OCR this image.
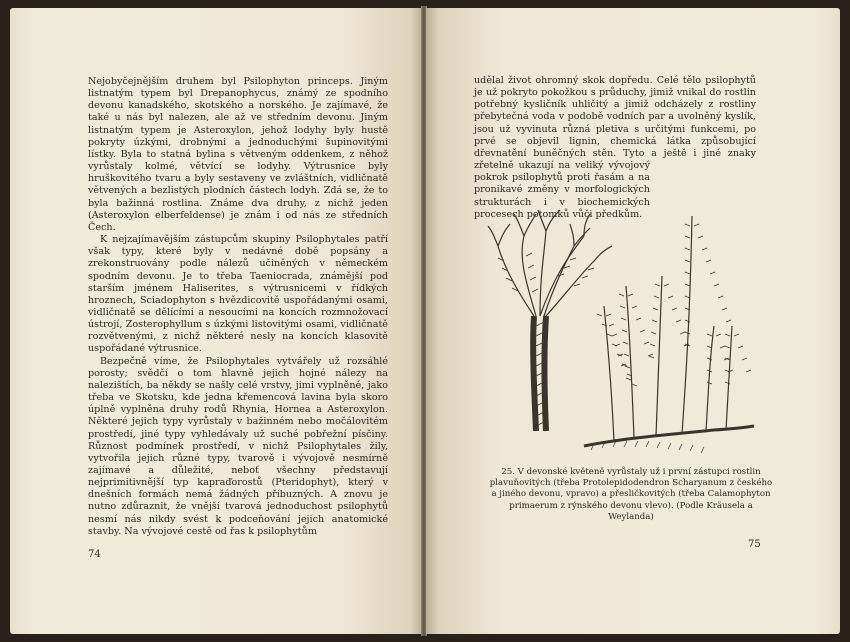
Nejobyčejnějším druhem byl Psilophyton princeps. Jiným listnatým typem byl Drepanophycus, známý ze spodního devonu kanadského, skotského a norského. Je zajímavé, že také u nás byl nalezen, ale až ve středním devonu. Jiným listnatým typem je Asteroxylon, jehož lodyhy byly hustě pokryty úzkými, drobnými a jednoduchými šupinovitými lístky. Byla to statná bylina s větveným oddenkem, z něhož vyrůstaly kolmé, větvící se lodyhy. Výtrusnice byly hruškovitého tvaru a byly sestaveny ve zvláštních, vidličnatě větvených a bezlistých plodních částech lodyh. Zdá se, že to byla bažinná rostlina. Známe dva druhy, z nichž jeden (Asteroxylon elberfeldense) je znám i od nás ze středních Čech.

K nejzajímavějším zástupcům skupiny Psilophytales patří však typy, které byly v nedávné době popsány a zrekonstruovány podle nálezů učiněných v německém spodním devonu. Je to třeba Taeniocrada, známější pod starším jménem Haliserites, s výtrusnicemi v řídkých hroznech, Sciadophyton s hvězdicovitě uspořádanými osami, vidličnatě se dělícími a nesoucími na koncích rozmnožovací ústrojí, Zosterophyllum s úzkými listovitými osami, vidličnatě rozvětvenými, z nichž některé nesly na koncích klasovitě uspořádané výtrusnice.

Bezpečně víme, že Psilophytales vytvářely už rozsáhlé porosty; svědčí o tom hlavně jejich hojné nálezy na nalezištích, ba někdy se našly celé vrstvy, jimi vyplněné, jako třeba ve Skotsku, kde jedna křemencová lavina byla skoro úplně vyplněna druhy rodů Rhynia, Hornea a Asteroxylon. Některé jejich typy vyrůstaly v bažinném nebo močálovitém prostředí, jiné typy vyhledávaly už suché pobřežní písčiny. Různost podmínek prostředí, v nichž Psilophytales žily, vytvořila jejich různé typy, tvarově i vývojově nesmírně zajímavé a důležité, neboť všechny představují nejprimitivnější typ kapraďorostů (Pteridophyt), který v dnešních formách nemá žádných příbuzných. A znovu je nutno zdůraznit, že vnější tvarová jednoduchost psilophytů nesmí nás nikdy svést k podceňování jejich anatomické stavby. Na vývojové cestě od řas k psilophytům

74

udělal život ohromný skok dopředu. Celé tělo psilophytů je už pokryto pokožkou s průduchy, jimiž vnikal do rostlin potřebný kysličník uhličitý a jimiž odcházely z rostliny přebytečná voda v podobě vodních par a uvolněný kyslík, jsou už vyvinuta různá pletiva s určitými funkcemi, po prvé se objevil lignin, chemická látka způsobující dřevnatění buněčných stěn. Tyto a ještě i jiné znaky zřetelně ukazují na veliký vývojový pokrok psilophytů proti řasám a na pronikavé změny v morfologických strukturách i v biochemických procesech potomků vůči předkům.

25. V devonské květeně vyrůstaly už i první zástupci rostlin plavuňovitých (třeba Protolepidodendron Scharyanum z českého a jiného devonu, vpravo) a přesličkovitých (třeba Calamophyton primaerum z rýnského devonu vlevo). (Podle Kräusela a Weylanda)
75
